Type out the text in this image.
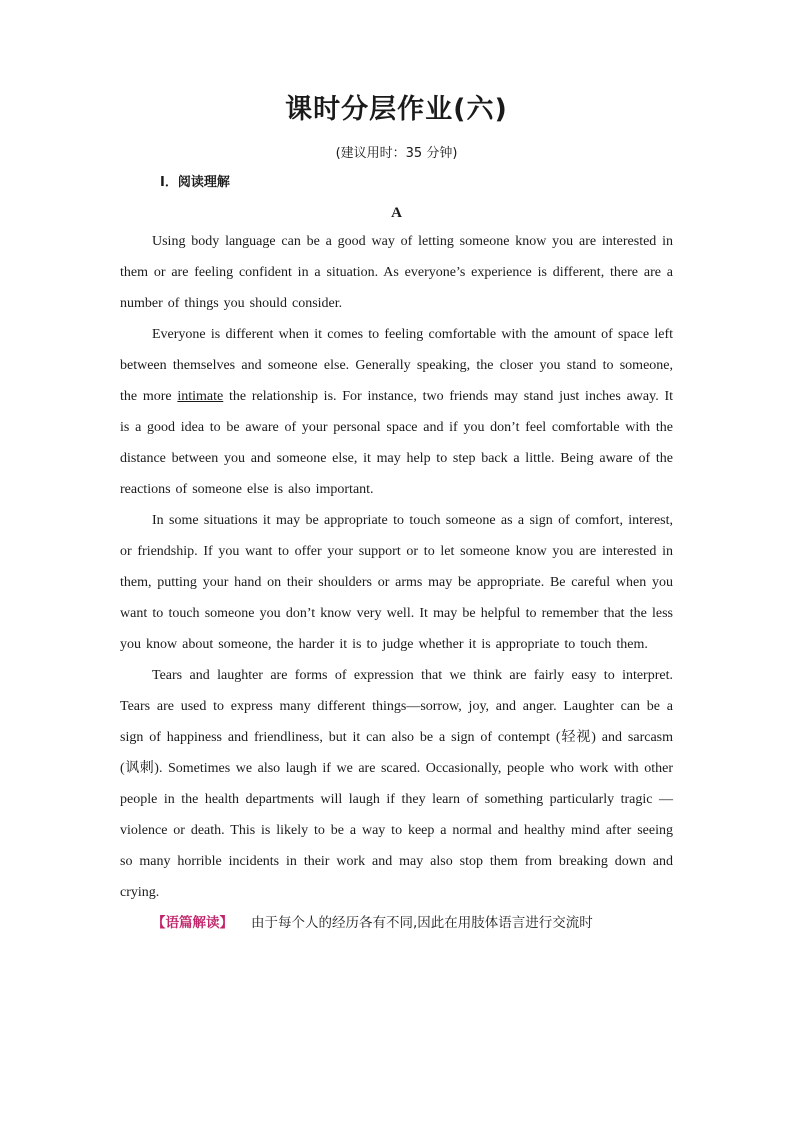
课时分层作业(六)
(建议用时：35 分钟)
Ⅰ．阅读理解
A

Using body language can be a good way of letting someone know you are interested in them or are feeling confident in a situation. As everyone’s experience is different, there are a number of things you should consider.

Everyone is different when it comes to feeling comfortable with the amount of space left between themselves and someone else. Generally speaking, the closer you stand to someone, the more intimate the relationship is. For instance, two friends may stand just inches away. It is a good idea to be aware of your personal space and if you don’t feel comfortable with the distance between you and someone else, it may help to step back a little. Being aware of the reactions of someone else is also important.

In some situations it may be appropriate to touch someone as a sign of comfort, interest, or friendship. If you want to offer your support or to let someone know you are interested in them, putting your hand on their shoulders or arms may be appropriate. Be careful when you want to touch someone you don’t know very well. It may be helpful to remember that the less you know about someone, the harder it is to judge whether it is appropriate to touch them.

Tears and laughter are forms of expression that we think are fairly easy to interpret. Tears are used to express many different things—sorrow, joy, and anger. Laughter can be a sign of happiness and friendliness, but it can also be a sign of contempt (轻视) and sarcasm (讽刺). Sometimes we also laugh if we are scared. Occasionally, people who work with other people in the health departments will laugh if they learn of something particularly tragic — violence or death. This is likely to be a way to keep a normal and healthy mind after seeing so many horrible incidents in their work and may also stop them from breaking down and crying.

【语篇解读】 由于每个人的经历各有不同,因此在用肢体语言进行交流时
